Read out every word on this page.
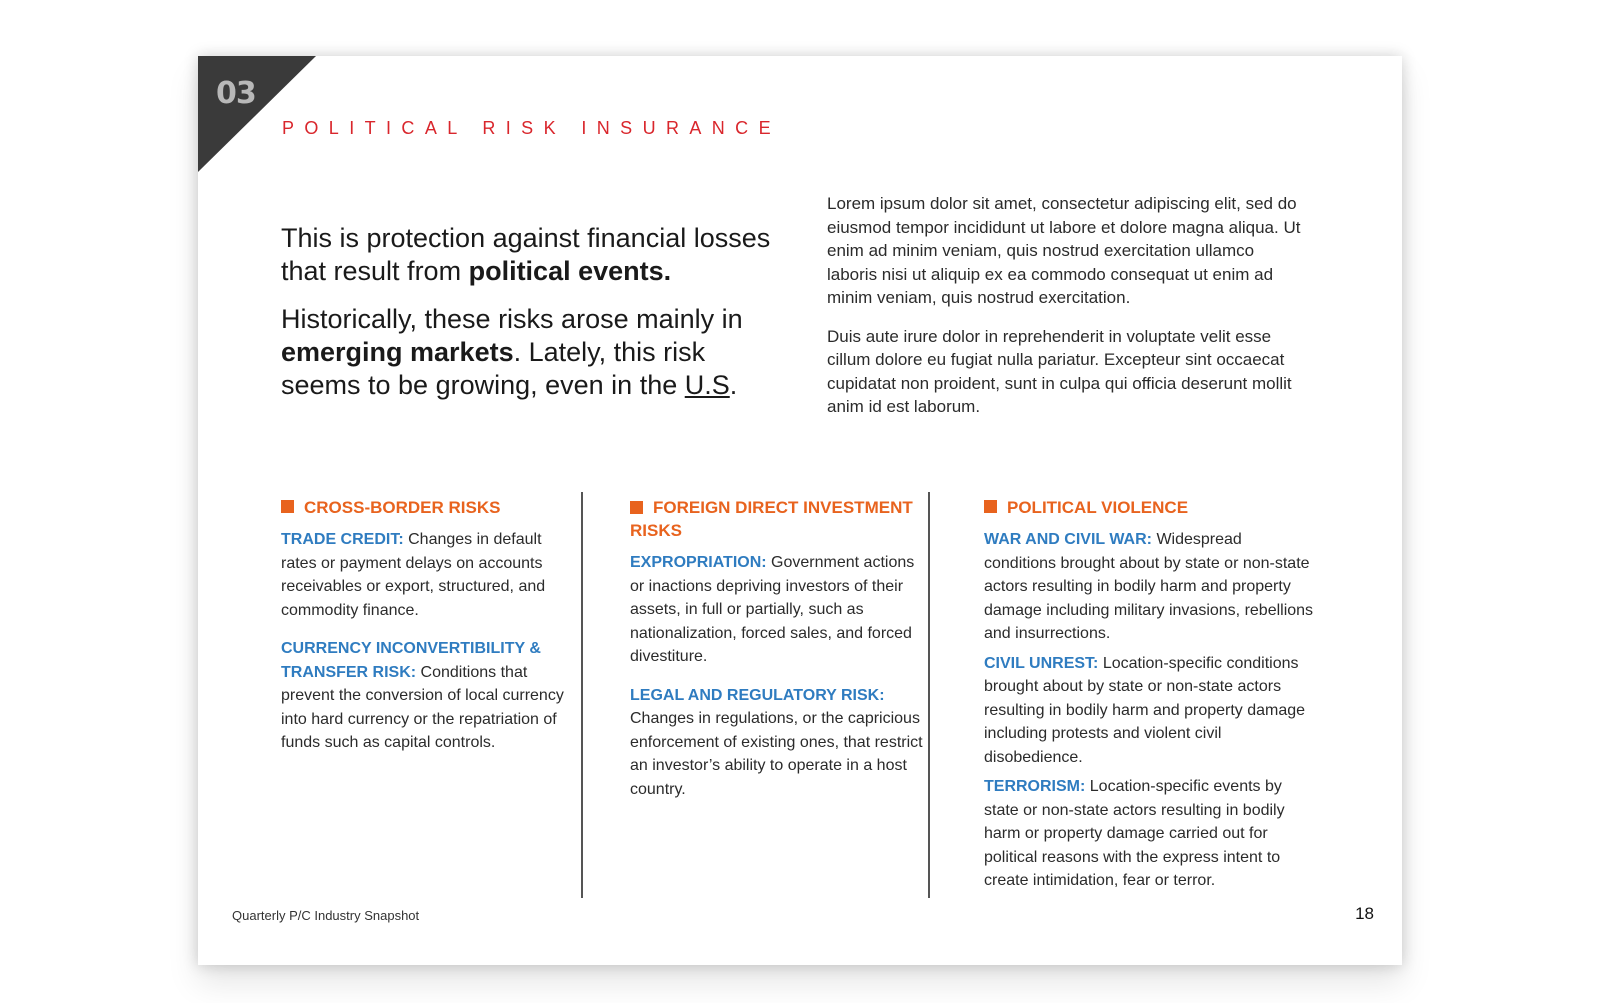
03
POLITICAL RISK INSURANCE

This is protection against financial losses that result from political events.

Historically, these risks arose mainly in emerging markets. Lately, this risk seems to be growing, even in the U.S.

Lorem ipsum dolor sit amet, consectetur adipiscing elit, sed do eiusmod tempor incididunt ut labore et dolore magna aliqua. Ut enim ad minim veniam, quis nostrud exercitation ullamco laboris nisi ut aliquip ex ea commodo consequat ut enim ad minim veniam, quis nostrud exercitation.

Duis aute irure dolor in reprehenderit in voluptate velit esse cillum dolore eu fugiat nulla pariatur. Excepteur sint occaecat cupidatat non proident, sunt in culpa qui officia deserunt mollit anim id est laborum.

CROSS-BORDER RISKS
TRADE CREDIT: Changes in default rates or payment delays on accounts receivables or export, structured, and commodity finance.
CURRENCY INCONVERTIBILITY & TRANSFER RISK: Conditions that prevent the conversion of local currency into hard currency or the repatriation of funds such as capital controls.
FOREIGN DIRECT INVESTMENT RISKS
EXPROPRIATION: Government actions or inactions depriving investors of their assets, in full or partially, such as nationalization, forced sales, and forced divestiture.
LEGAL AND REGULATORY RISK: Changes in regulations, or the capricious enforcement of existing ones, that restrict an investor’s ability to operate in a host country.
POLITICAL VIOLENCE
WAR AND CIVIL WAR: Widespread conditions brought about by state or non-state actors resulting in bodily harm and property damage including military invasions, rebellions and insurrections.
CIVIL UNREST: Location-specific conditions brought about by state or non-state actors resulting in bodily harm and property damage including protests and violent civil disobedience.
TERRORISM: Location-specific events by state or non-state actors resulting in bodily harm or property damage carried out for political reasons with the express intent to create intimidation, fear or terror.
Quarterly P/C Industry Snapshot	18
